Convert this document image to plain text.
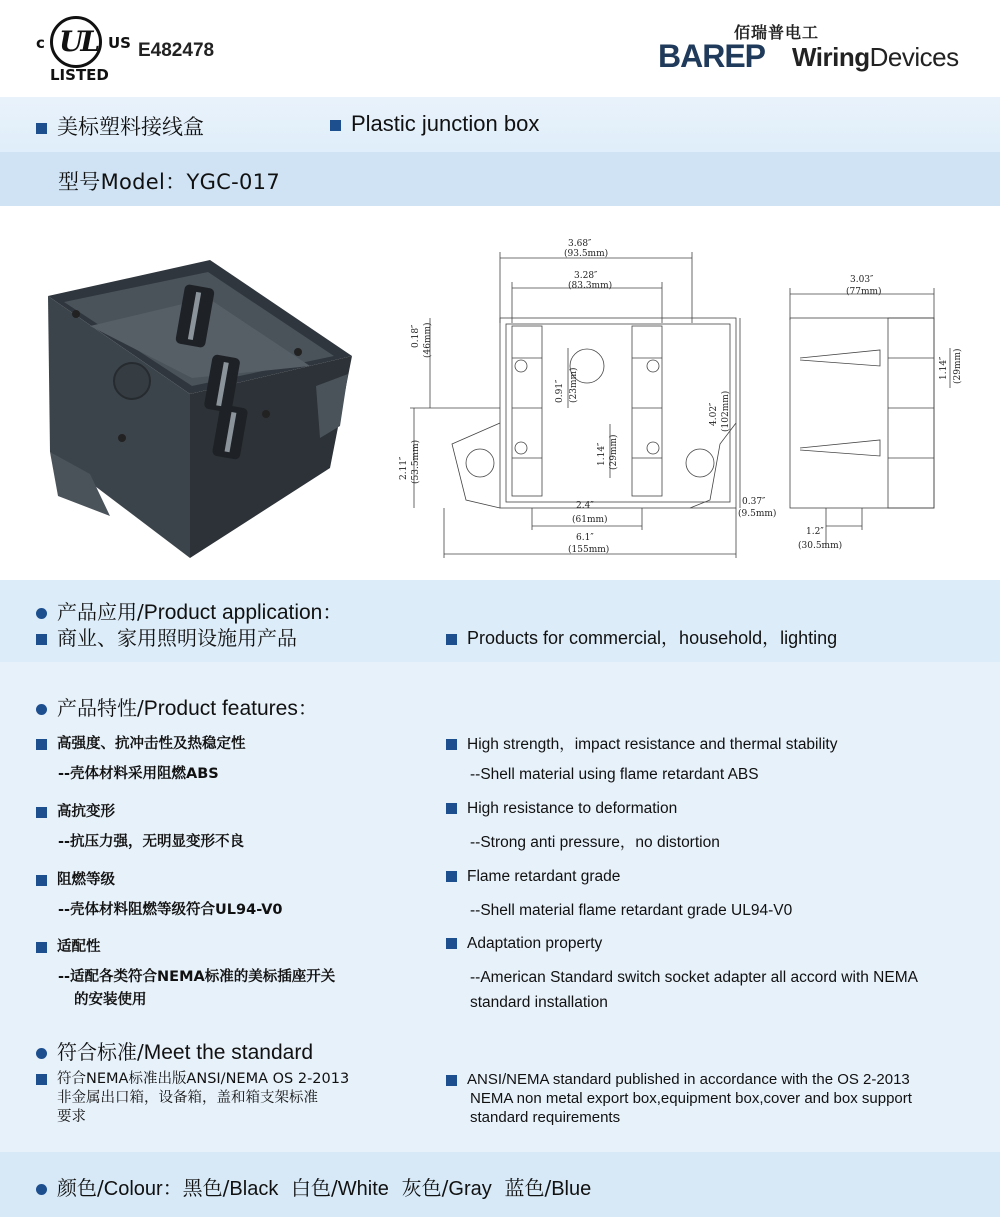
c UL US
LISTED
E482478
佰瑞普电工
BAREP WiringDevices
美标塑料接线盒	Plastic junction box
型号Model：YGC-017
3.68″
(93.5mm)
3.28″
(83.3mm)
0.18″ (46mm)
0.91″ (23mm)
4.02″ (102mm)
2.11″ (53.5mm)	1.14″ (29mm)
2.4″
(61mm)
6.1″
(155mm)
0.37″
(9.5mm)
3.03″
(77mm)
1.14″ (29mm)
1.2″
(30.5mm)
产品应用/Product application：
商业、家用照明设施用产品	Products for commercial，household，lighting
产品特性/Product features：
高强度、抗冲击性及热稳定性
--壳体材料采用阻燃ABS
High strength，impact resistance and thermal stability
--Shell material using flame retardant ABS
高抗变形
--抗压力强，无明显变形不良
High resistance to deformation
--Strong anti pressure，no distortion
阻燃等级
--壳体材料阻燃等级符合UL94-V0
Flame retardant grade
--Shell material flame retardant grade UL94-V0
适配性
--适配各类符合NEMA标准的美标插座开关
的安装使用
Adaptation property
--American Standard switch socket adapter all accord with NEMA
standard installation
符合标准/Meet the standard
符合NEMA标准出版ANSI/NEMA OS 2-2013
非金属出口箱，设备箱，盖和箱支架标准
要求
ANSI/NEMA standard published in accordance with the OS 2-2013
NEMA non metal export box,equipment box,cover and box support
standard requirements
颜色/Colour：黑色/Black 白色/White 灰色/Gray 蓝色/Blue
